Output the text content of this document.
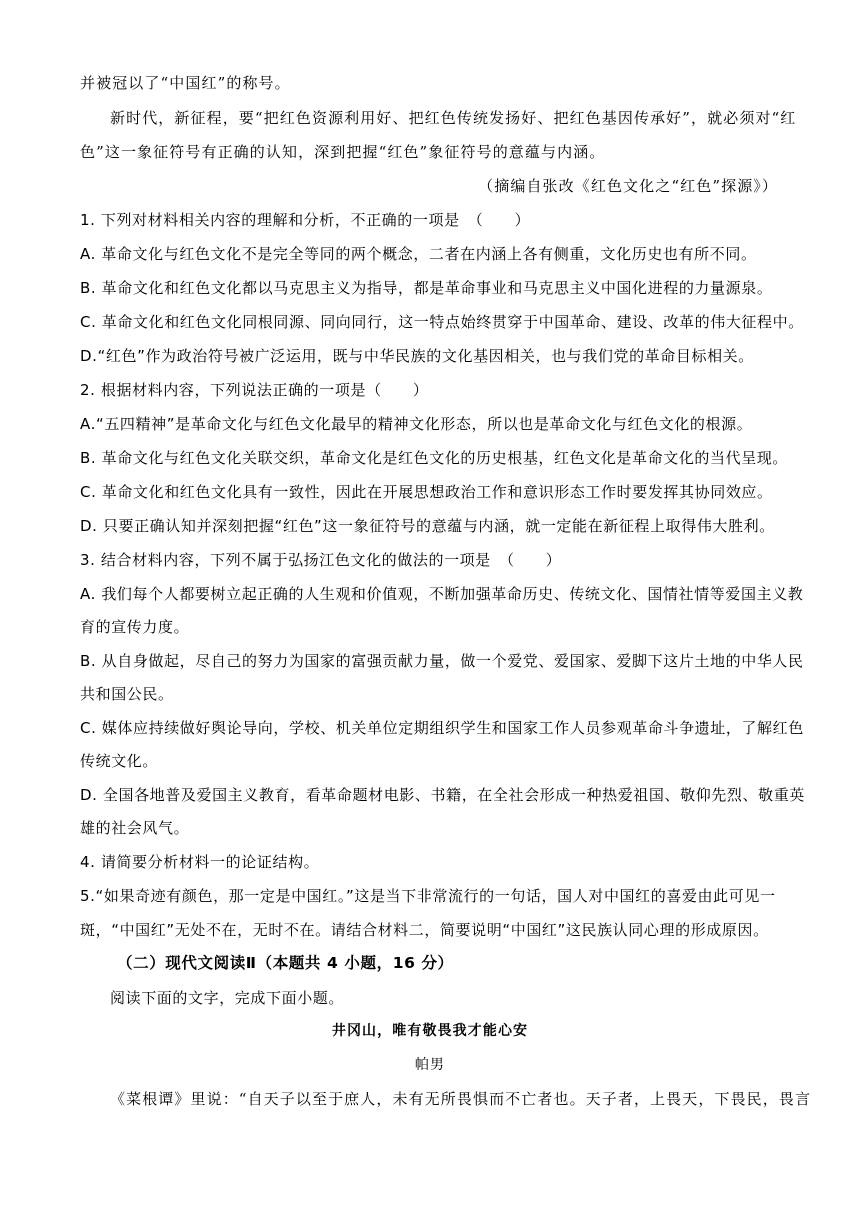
并被冠以了“中国红”的称号。
新时代，新征程，要“把红色资源利用好、把红色传统发扬好、把红色基因传承好”，就必须对“红
色”这一象征符号有正确的认知，深到把握“红色”象征符号的意蕴与内涵。
（摘编自张改《红色文化之“红色”探源》）
1. 下列对材料相关内容的理解和分析，不正确的一项是　（　　）
A. 革命文化与红色文化不是完全等同的两个概念，二者在内涵上各有侧重，文化历史也有所不同。
B. 革命文化和红色文化都以马克思主义为指导，都是革命事业和马克思主义中国化进程的力量源泉。
C. 革命文化和红色文化同根同源、同向同行，这一特点始终贯穿于中国革命、建设、改革的伟大征程中。
D.“红色”作为政治符号被广泛运用，既与中华民族的文化基因相关，也与我们党的革命目标相关。
2. 根据材料内容，下列说法正确的一项是（　　）
A.“五四精神”是革命文化与红色文化最早的精神文化形态，所以也是革命文化与红色文化的根源。
B. 革命文化与红色文化关联交织，革命文化是红色文化的历史根基，红色文化是革命文化的当代呈现。
C. 革命文化和红色文化具有一致性，因此在开展思想政治工作和意识形态工作时要发挥其协同效应。
D. 只要正确认知并深刻把握“红色”这一象征符号的意蕴与内涵，就一定能在新征程上取得伟大胜利。
3. 结合材料内容，下列不属于弘扬江色文化的做法的一项是　（　　）
A. 我们每个人都要树立起正确的人生观和价值观，不断加强革命历史、传统文化、国情社情等爱国主义教
育的宣传力度。
B. 从自身做起，尽自己的努力为国家的富强贡献力量，做一个爱党、爱国家、爱脚下这片土地的中华人民
共和国公民。
C. 媒体应持续做好舆论导向，学校、机关单位定期组织学生和国家工作人员参观革命斗争遗址，了解红色
传统文化。
D. 全国各地普及爱国主义教育，看革命题材电影、书籍，在全社会形成一种热爱祖国、敬仰先烈、敬重英
雄的社会风气。
4. 请简要分析材料一的论证结构。
5.“如果奇迹有颜色，那一定是中国红。”这是当下非常流行的一句话，国人对中国红的喜爱由此可见一
斑，“中国红”无处不在，无时不在。请结合材料二，简要说明“中国红”这民族认同心理的形成原因。
（二）现代文阅读Ⅱ（本题共 4 小题，16 分）
阅读下面的文字，完成下面小题。
井冈山，唯有敬畏我才能心安
帕男
《菜根谭》里说：“自天子以至于庶人，未有无所畏惧而不亡者也。天子者，上畏天，下畏民，畏言
